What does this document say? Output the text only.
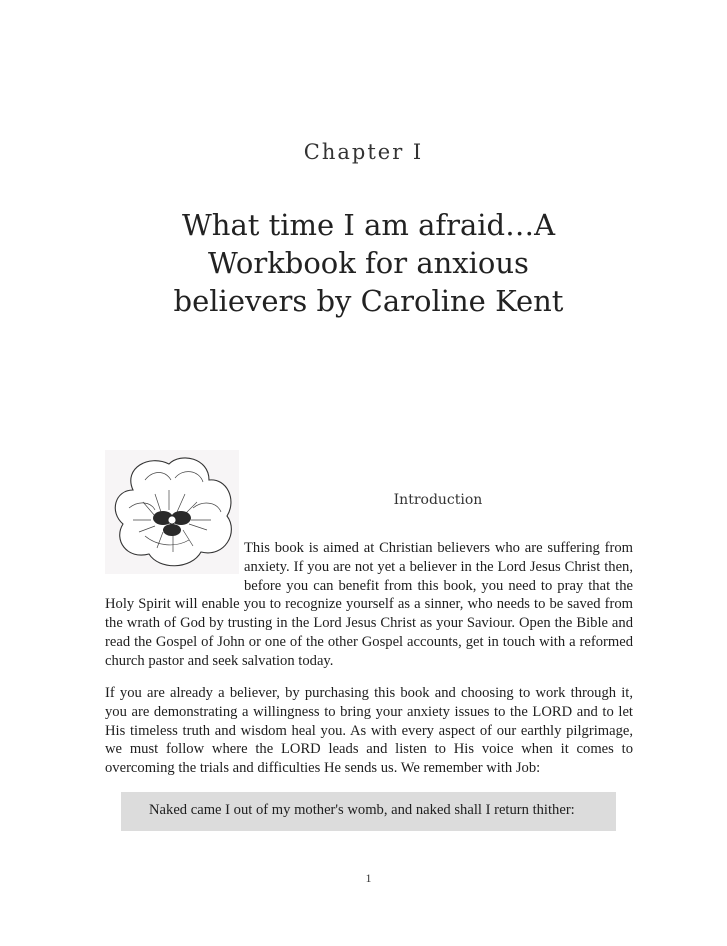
Chapter I
What time I am afraid…A Workbook for anxious believers by Caroline Kent
Introduction
This book is aimed at Christian believers who are suffering from anxiety. If you are not yet a believer in the Lord Jesus Christ then, before you can benefit from this book, you need to pray that the Holy Spirit will enable you to recognize yourself as a sinner, who needs to be saved from the wrath of God by trusting in the Lord Jesus Christ as your Saviour. Open the Bible and read the Gospel of John or one of the other Gospel accounts, get in touch with a reformed church pastor and seek salvation today.
If you are already a believer, by purchasing this book and choosing to work through it, you are demonstrating a willingness to bring your anxiety issues to the LORD and to let His timeless truth and wisdom heal you. As with every aspect of our earthly pilgrimage, we must follow where the LORD leads and listen to His voice when it comes to overcoming the trials and difficulties He sends us. We remember with Job:
Naked came I out of my mother's womb, and naked shall I return thither:
1
